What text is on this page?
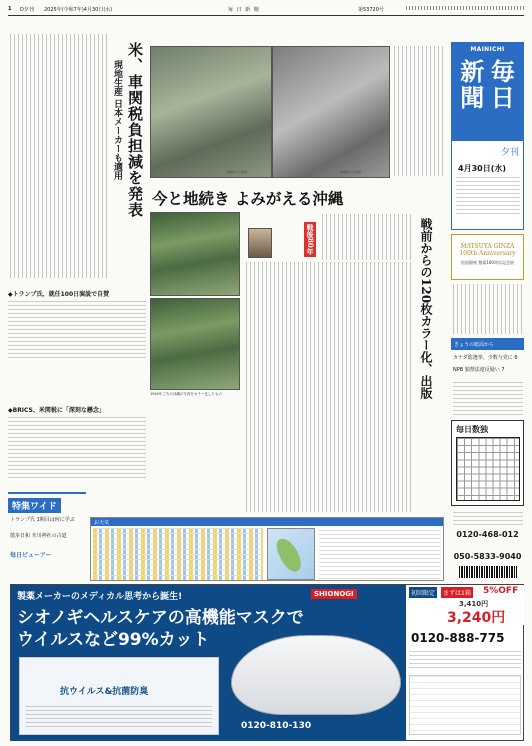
1 D夕刊 2025年(令和7年)4月30日(水)	毎 日 新 聞	第53720号
米、車関税負担減を発表
現地生産 日本メーカーも適用
◆トランプ氏、就任100日演説で自賛
◆BRICS、米関税に「深刻な懸念」
特集ワイド
トランプ氏 1期目は何に学ぶ
散歩日和 氷川神社の古道
毎日ビューアー
沖縄県公文書館	沖縄県公文書館
今と地続き よみがえる沖縄
1940年ごろの沖縄の写真をカラー化したもの
戦後80年	戦前からの120枚カラー化、出版
MAINICHI
毎
新
日
聞
夕刊
4月30日(水)
MATSUYA GINZA 100th Anniversary
松屋銀座 創業100周年記念展
きょうの紙面から
カナダ総選挙、少数与党に 6
NPB 独禁法違反疑い 7
毎日数独
0120-468-012
050-5833-9040
お天気
製薬メーカーのメディカル思考から誕生!	SHIONOGI
シオノギヘルスケアの高機能マスクで
ウイルスなど99%カット
抗ウイルス&抗菌防臭
初回限定	まずは1箱 5%OFF
3,410円
3,240円
0120-888-775
0120-810-130
